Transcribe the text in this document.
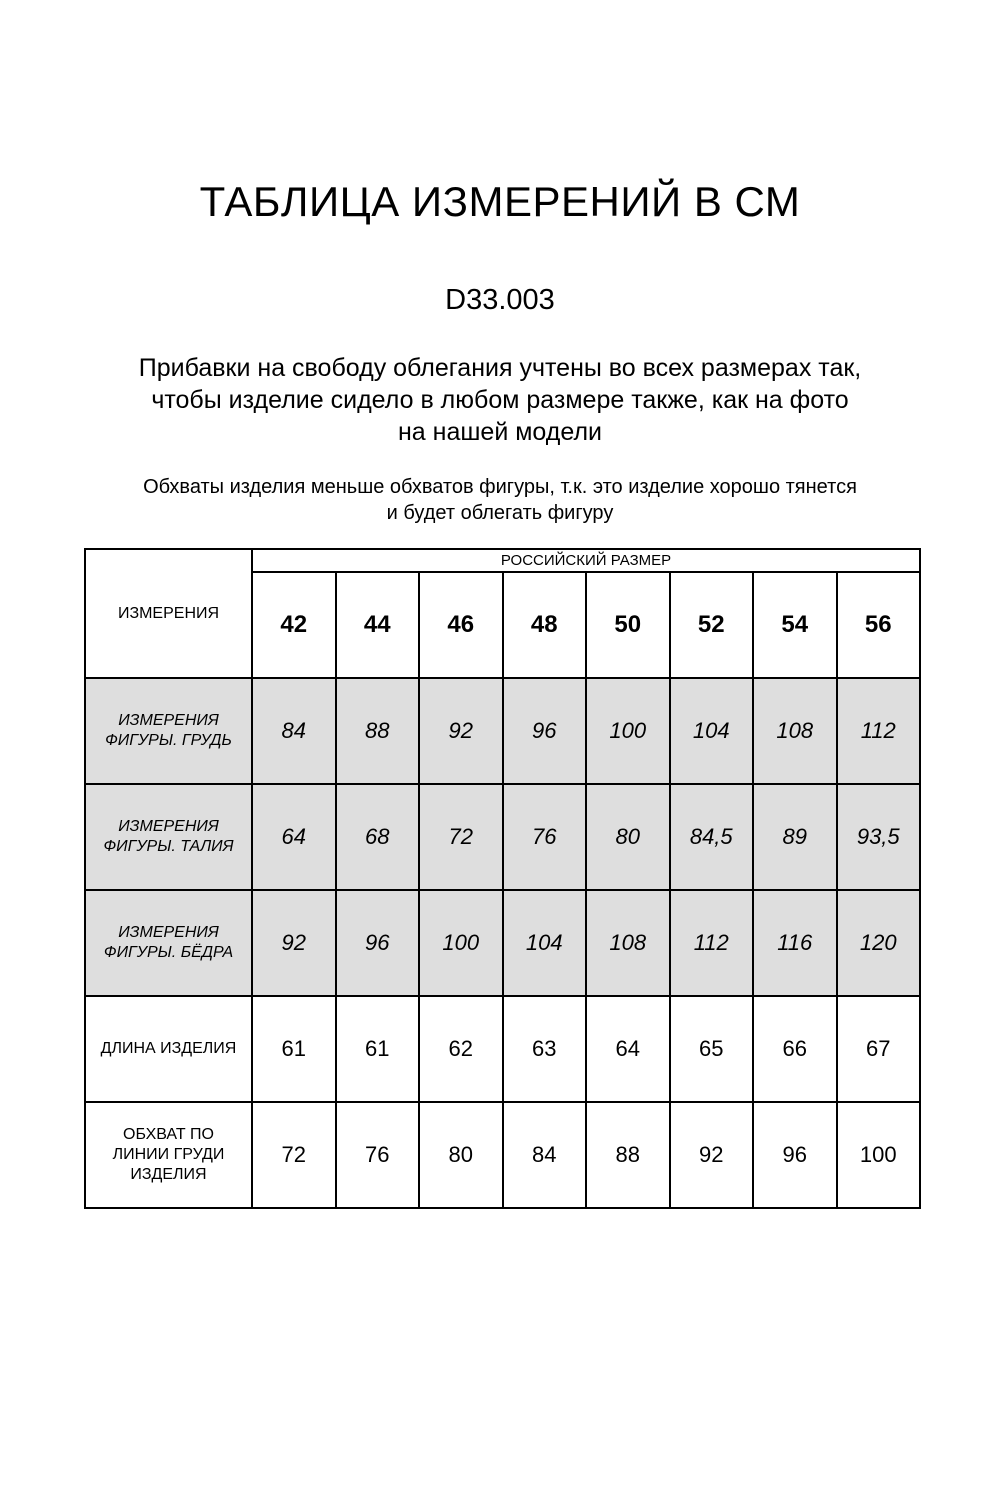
ТАБЛИЦА ИЗМЕРЕНИЙ В СМ
D33.003
Прибавки на свободу облегания учтены во всех размерах так,
чтобы изделие сидело в любом размере также, как на фото
на нашей модели
Обхваты изделия меньше обхватов фигуры, т.к. это изделие хорошо тянется
и будет облегать фигуру
ИЗМЕРЕНИЯ	РОССИЙСКИЙ РАЗМЕР							
	42	44	46	48	50	52	54	56

ИЗМЕРЕНИЯ
ФИГУРЫ. ГРУДЬ	84	88	92	96	100	104	108	112

ИЗМЕРЕНИЯ
ФИГУРЫ. ТАЛИЯ	64	68	72	76	80	84,5	89	93,5

ИЗМЕРЕНИЯ
ФИГУРЫ. БЁДРА	92	96	100	104	108	112	116	120

ДЛИНА ИЗДЕЛИЯ	61	61	62	63	64	65	66	67

ОБХВАТ ПО
ЛИНИИ ГРУДИ
ИЗДЕЛИЯ	72	76	80	84	88	92	96	100
